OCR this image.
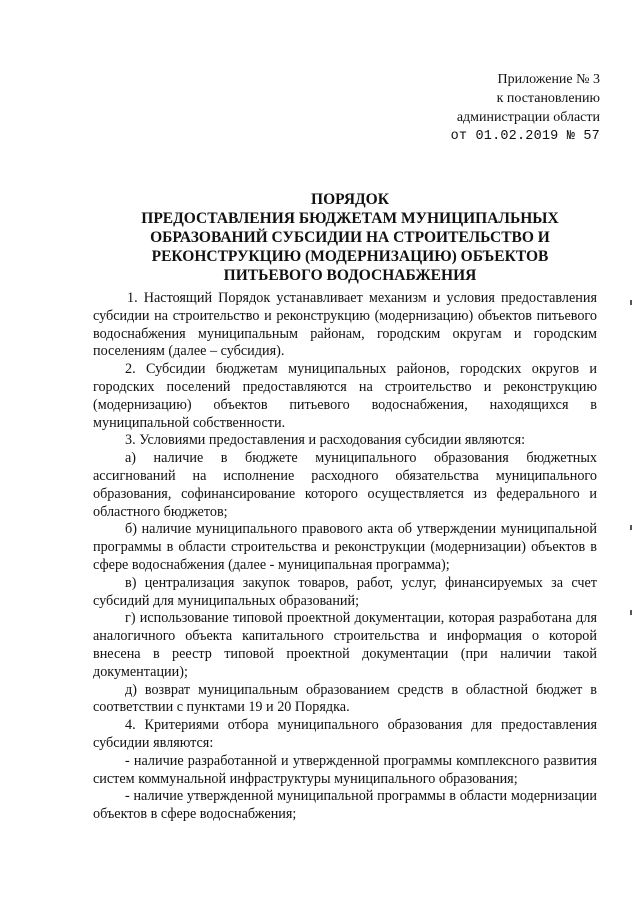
Приложение № 3
к постановлению
администрации области
от 01.02.2019 № 57
ПОРЯДОК
ПРЕДОСТАВЛЕНИЯ БЮДЖЕТАМ МУНИЦИПАЛЬНЫХ
ОБРАЗОВАНИЙ СУБСИДИИ НА СТРОИТЕЛЬСТВО И
РЕКОНСТРУКЦИЮ (МОДЕРНИЗАЦИЮ) ОБЪЕКТОВ
ПИТЬЕВОГО ВОДОСНАБЖЕНИЯ

1. Настоящий Порядок устанавливает механизм и условия предоставления субсидии на строительство и реконструкцию (модернизацию) объектов питьевого водоснабжения муниципальным районам, городским округам и городским поселениям (далее – субсидия).

2. Субсидии бюджетам муниципальных районов, городских округов и городских поселений предоставляются на строительство и реконструкцию (модернизацию) объектов питьевого водоснабжения, находящихся в муниципальной собственности.

3. Условиями предоставления и расходования субсидии являются:

а) наличие в бюджете муниципального образования бюджетных ассигнований на исполнение расходного обязательства муниципального образования, софинансирование которого осуществляется из федерального и областного бюджетов;

б) наличие муниципального правового акта об утверждении муниципальной программы в области строительства и реконструкции (модернизации) объектов в сфере водоснабжения (далее - муниципальная программа);

в) централизация закупок товаров, работ, услуг, финансируемых за счет субсидий для муниципальных образований;

г) использование типовой проектной документации, которая разработана для аналогичного объекта капитального строительства и информация о которой внесена в реестр типовой проектной документации (при наличии такой документации);

д) возврат муниципальным образованием средств в областной бюджет в соответствии с пунктами 19 и 20 Порядка.

4. Критериями отбора муниципального образования для предоставления субсидии являются:

- наличие разработанной и утвержденной программы комплексного развития систем коммунальной инфраструктуры муниципального образования;

- наличие утвержденной муниципальной программы в области модернизации объектов в сфере водоснабжения;
